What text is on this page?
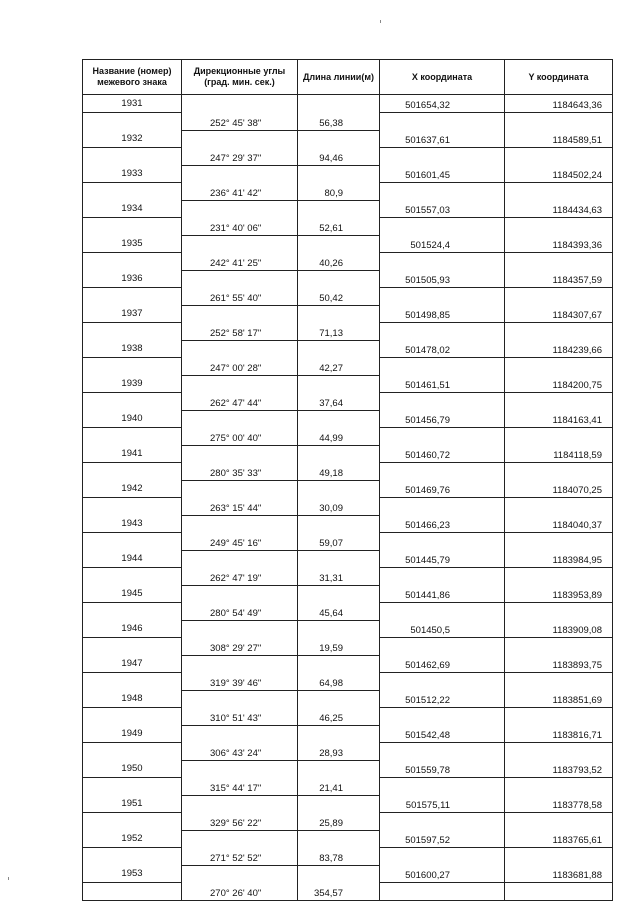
Название (номер) межевого знака	Дирекционные углы (град. мин. сек.)	Длина линии(м)	X координата	Y координата
1931			501654,32	1184643,36
	252° 45' 38"	56,38		
1932			501637,61	1184589,51
	247° 29' 37"	94,46		
1933			501601,45	1184502,24
	236° 41' 42"	80,9		
1934			501557,03	1184434,63
	231° 40' 06"	52,61		
1935			501524,4	1184393,36
	242° 41' 25"	40,26		
1936			501505,93	1184357,59
	261° 55' 40"	50,42		
1937			501498,85	1184307,67
	252° 58' 17"	71,13		
1938			501478,02	1184239,66
	247° 00' 28"	42,27		
1939			501461,51	1184200,75
	262° 47' 44"	37,64		
1940			501456,79	1184163,41
	275° 00' 40"	44,99		
1941			501460,72	1184118,59
	280° 35' 33"	49,18		
1942			501469,76	1184070,25
	263° 15' 44"	30,09		
1943			501466,23	1184040,37
	249° 45' 16"	59,07		
1944			501445,79	1183984,95
	262° 47' 19"	31,31		
1945			501441,86	1183953,89
	280° 54' 49"	45,64		
1946			501450,5	1183909,08
	308° 29' 27"	19,59		
1947			501462,69	1183893,75
	319° 39' 46"	64,98		
1948			501512,22	1183851,69
	310° 51' 43"	46,25		
1949			501542,48	1183816,71
	306° 43' 24"	28,93		
1950			501559,78	1183793,52
	315° 44' 17"	21,41		
1951			501575,11	1183778,58
	329° 56' 22"	25,89		
1952			501597,52	1183765,61
	271° 52' 52"	83,78		
1953			501600,27	1183681,88
	270° 26' 40"	354,57		
